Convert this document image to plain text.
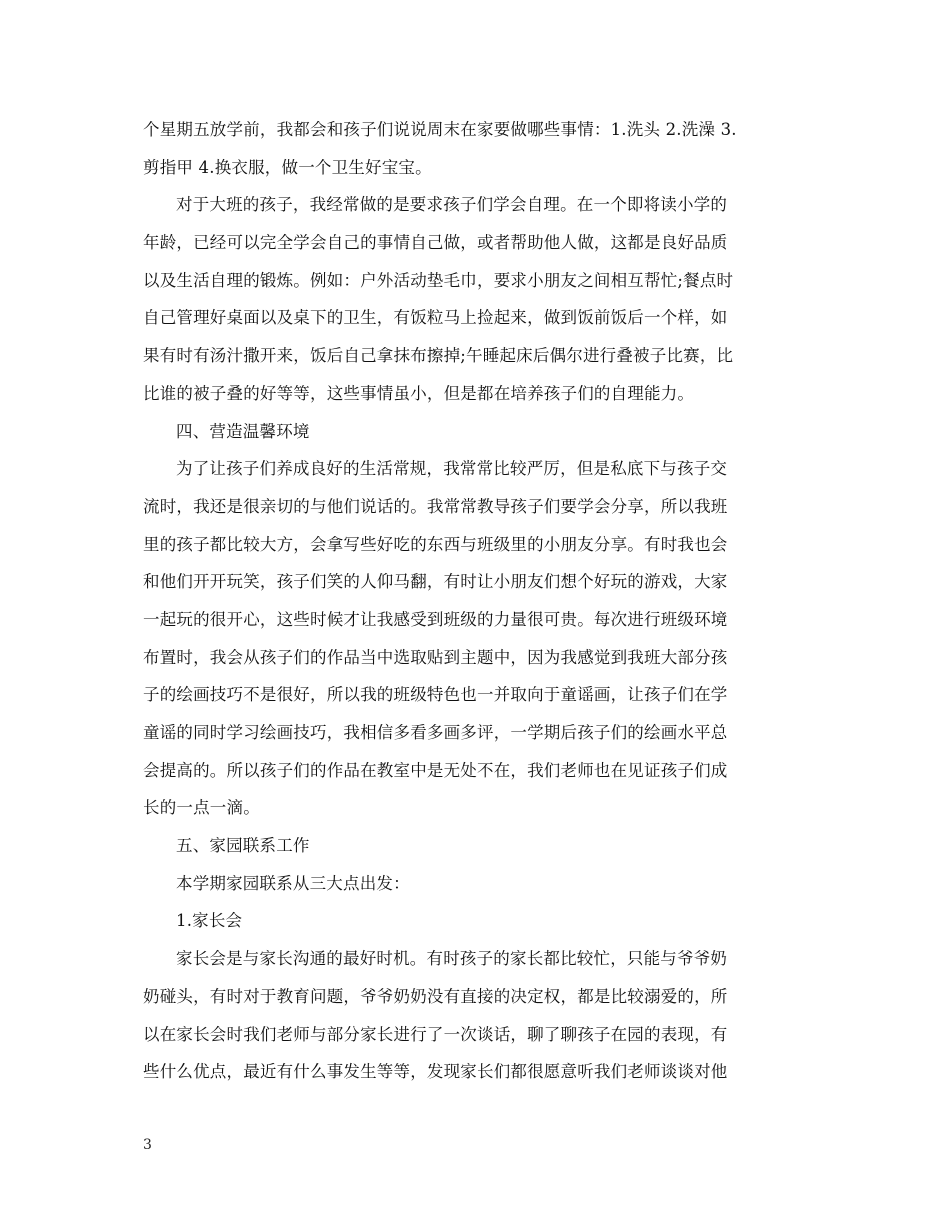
个星期五放学前，我都会和孩子们说说周末在家要做哪些事情：1.洗头 2.洗澡 3.
剪指甲 4.换衣服，做一个卫生好宝宝。
对于大班的孩子，我经常做的是要求孩子们学会自理。在一个即将读小学的
年龄，已经可以完全学会自己的事情自己做，或者帮助他人做，这都是良好品质
以及生活自理的锻炼。例如：户外活动垫毛巾，要求小朋友之间相互帮忙;餐点时
自己管理好桌面以及桌下的卫生，有饭粒马上捡起来，做到饭前饭后一个样，如
果有时有汤汁撒开来，饭后自己拿抹布擦掉;午睡起床后偶尔进行叠被子比赛，比
比谁的被子叠的好等等，这些事情虽小，但是都在培养孩子们的自理能力。
四、营造温馨环境
为了让孩子们养成良好的生活常规，我常常比较严厉，但是私底下与孩子交
流时，我还是很亲切的与他们说话的。我常常教导孩子们要学会分享，所以我班
里的孩子都比较大方，会拿写些好吃的东西与班级里的小朋友分享。有时我也会
和他们开开玩笑，孩子们笑的人仰马翻，有时让小朋友们想个好玩的游戏，大家
一起玩的很开心，这些时候才让我感受到班级的力量很可贵。每次进行班级环境
布置时，我会从孩子们的作品当中选取贴到主题中，因为我感觉到我班大部分孩
子的绘画技巧不是很好，所以我的班级特色也一并取向于童谣画，让孩子们在学
童谣的同时学习绘画技巧，我相信多看多画多评，一学期后孩子们的绘画水平总
会提高的。所以孩子们的作品在教室中是无处不在，我们老师也在见证孩子们成
长的一点一滴。
五、家园联系工作
本学期家园联系从三大点出发：
1.家长会
家长会是与家长沟通的最好时机。有时孩子的家长都比较忙，只能与爷爷奶
奶碰头，有时对于教育问题，爷爷奶奶没有直接的决定权，都是比较溺爱的，所
以在家长会时我们老师与部分家长进行了一次谈话，聊了聊孩子在园的表现，有
些什么优点，最近有什么事发生等等，发现家长们都很愿意听我们老师谈谈对他
3
